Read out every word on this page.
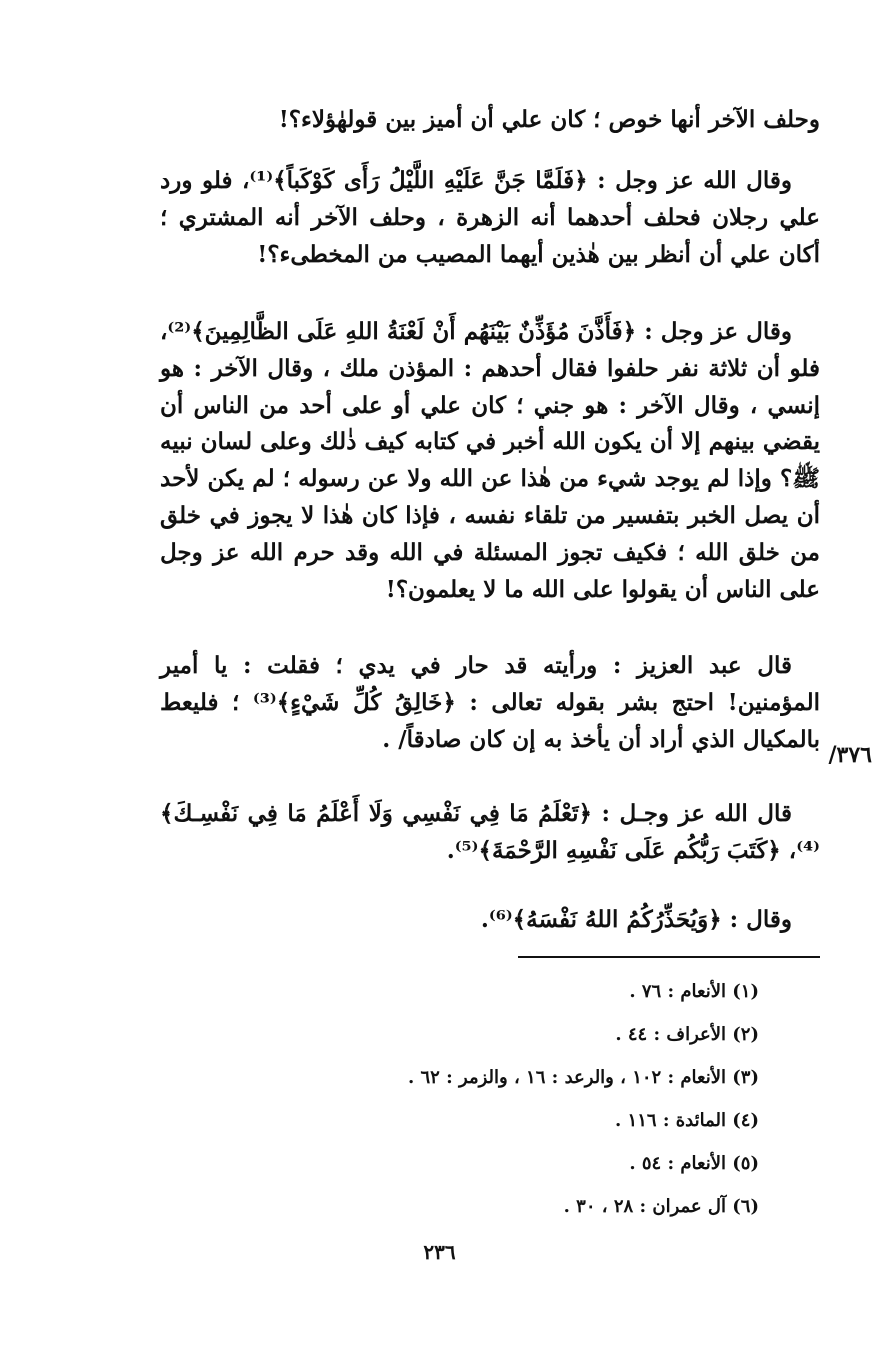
وحلف الآخر أنها خوص ؛ كان علي أن أميز بين قولهٰؤلاء؟!

وقال الله عز وجل : ﴿فَلَمَّا جَنَّ عَلَيْهِ اللَّيْلُ رَأَى كَوْكَباً﴾⁽¹⁾، فلو ورد علي رجلان فحلف أحدهما أنه الزهرة ، وحلف الآخر أنه المشتري ؛ أكان علي أن أنظر بين هٰذين أيهما المصيب من المخطىء؟!

وقال عز وجل : ﴿فَأَذَّنَ مُؤَذِّنٌ بَيْنَهُم أَنْ لَعْنَةُ اللهِ عَلَى الظَّالِمِينَ﴾⁽²⁾، فلو أن ثلاثة نفر حلفوا فقال أحدهم : المؤذن ملك ، وقال الآخر : هو إنسي ، وقال الآخر : هو جني ؛ كان علي أو على أحد من الناس أن يقضي بينهم إلا أن يكون الله أخبر في كتابه كيف ذٰلك وعلى لسان نبيه ﷺ؟ وإذا لم يوجد شيء من هٰذا عن الله ولا عن رسوله ؛ لم يكن لأحد أن يصل الخبر بتفسير من تلقاء نفسه ، فإذا كان هٰذا لا يجوز في خلق من خلق الله ؛ فكيف تجوز المسئلة في الله وقد حرم الله عز وجل على الناس أن يقولوا على الله ما لا يعلمون؟!

قال عبد العزيز : ورأيته قد حار في يدي ؛ فقلت : يا أمير المؤمنين! احتج بشر بقوله تعالى : ﴿خَالِقُ كُلِّ شَيْءٍ﴾⁽³⁾ ؛ فليعط بالمكيال الذي أراد أن يأخذ به إن كان صادقاً/ .

٣٧٦/

قال الله عز وجـل : ﴿تَعْلَمُ مَا فِي نَفْسِي وَلَا أَعْلَمُ مَا فِي نَفْسِـكَ﴾⁽⁴⁾، ﴿كَتَبَ رَبُّكُم عَلَى نَفْسِهِ الرَّحْمَةَ﴾⁽⁵⁾.

وقال : ﴿وَيُحَذِّرُكُمُ اللهُ نَفْسَهُ﴾⁽⁶⁾.

(١) الأنعام : ٧٦ .
(٢) الأعراف : ٤٤ .
(٣) الأنعام : ١٠٢ ، والرعد : ١٦ ، والزمر : ٦٢ .
(٤) المائدة : ١١٦ .
(٥) الأنعام : ٥٤ .
(٦) آل عمران : ٢٨ ، ٣٠ .
٢٣٦
